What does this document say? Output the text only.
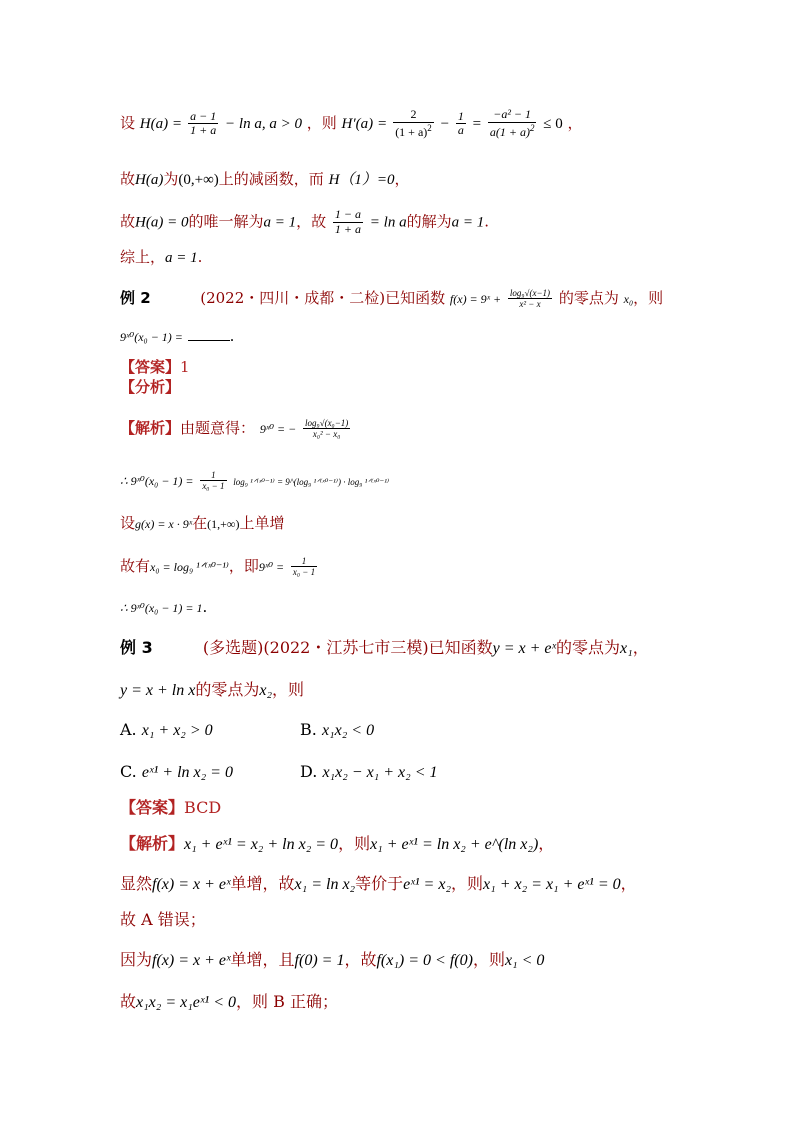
设 $H(a) = \frac{a - 1}{1 + a} - \ln a$, a > 0 ，则 $H'(a) = \frac{2}{(1 + a)^2} - \frac{1}{a} = \frac{\text{−a² − 1}}{a(1 + a)^2} \le 0$ ，
故H(a)为(0,+∞)上的减函数，而 H（1）=0，
故H(a) = 0的唯一解为a = 1，故 $\frac{1 - a}{1 + a} = \ln a$的解为a = 1.
综上，a = 1.
例 2	(2022・四川・成都・二检)已知函数 f(x) = 9ˣ + $\frac{\text{log₉√(x−1)}}{\text{x² − x}}$ 的零点为 x₀，则
9ˣ⁰(x₀ − 1) =	.
【答案】1
【分析】
【解析】由题意得： 9ˣ⁰ = − $\frac{\text{log₉√(x₀−1)}}{\text{x₀² − x₀}}$
∴ 9ˣ⁰(x₀ − $1) = \frac{1}{\text{x₀ − 1}} \log_9$ ¹ᐟ⁽ˣ⁰⁻¹⁾ = 9^(log₉ ¹ᐟ⁽ˣ⁰⁻¹⁾) · log₉ ¹ᐟ⁽ˣ⁰⁻¹⁾
设g(x) = x · 9ˣ在(1,+∞)上单增
故有x₀ = log₉ ¹ᐟ⁽ˣ⁰⁻¹⁾，即9ˣ⁰ = $\frac{1}{\text{x₀ − 1}}$
∴ 9ˣ⁰(x₀ − 1) = 1.
例 3	(多选题)(2022・江苏七市三模)已知函数y = x + eˣ的零点为x₁，
y = x + ln x的零点为x₂，则
A. x₁ + x₂ > 0	B. x₁x₂ < 0
C. eˣ¹ + ln x₂ = 0	D. x₁x₂ − x₁ + x₂ < 1
【答案】BCD
【解析】x₁ + eˣ¹ = x₂ + ln x₂ = 0，则x₁ + eˣ¹ = ln x₂ + e^(ln x₂)，
显然f(x) = x + eˣ单增，故x₁ = ln x₂等价于eˣ¹ = x₂，则x₁ + x₂ = x₁ + eˣ¹ = 0，
故 A 错误；
因为f(x) = x + eˣ单增，且f(0) = 1，故f(x₁) = 0 < f(0)，则x₁ < 0
故x₁x₂ = x₁eˣ¹ < 0，则 B 正确；
